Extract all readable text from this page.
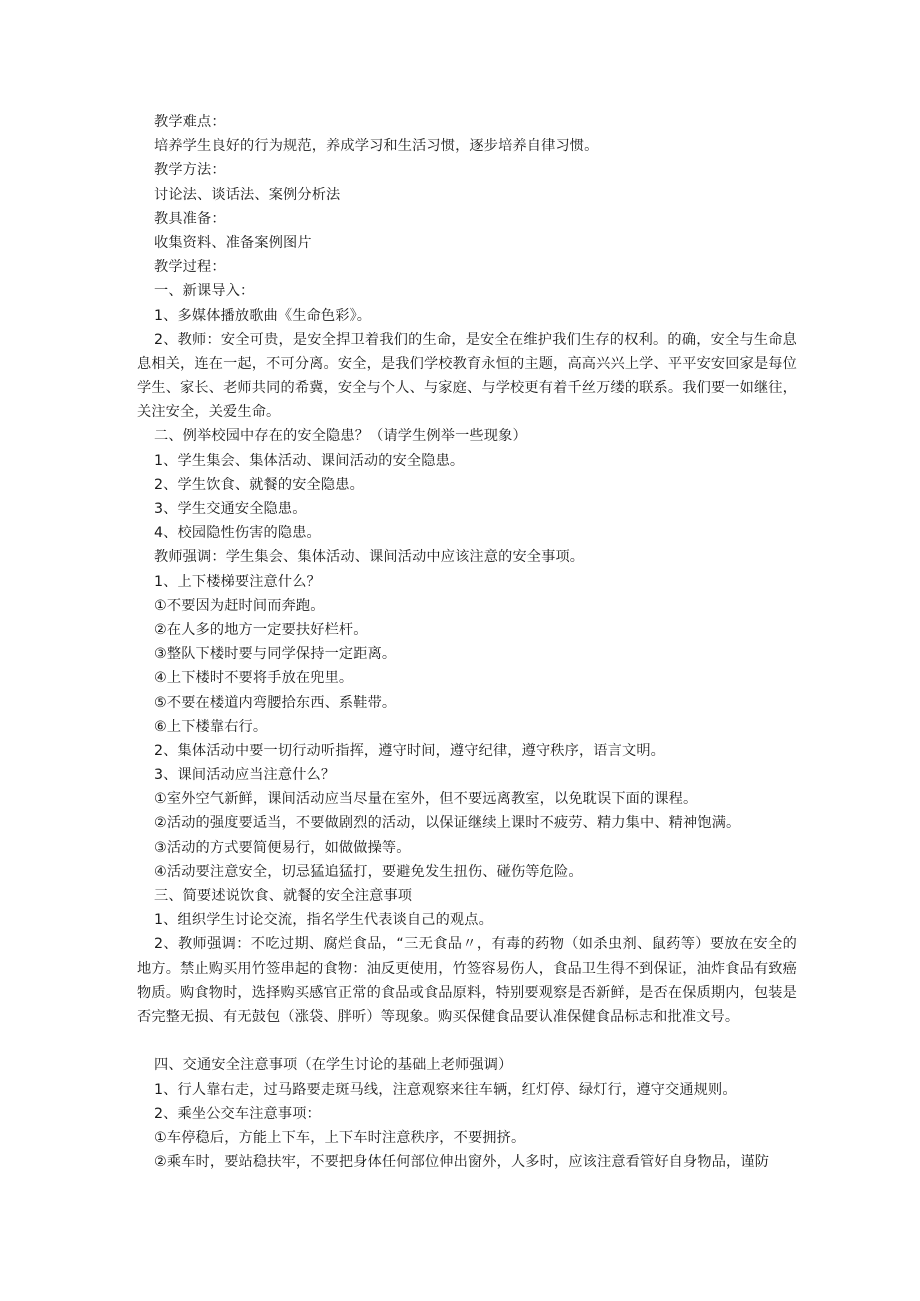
教学难点：
培养学生良好的行为规范，养成学习和生活习惯，逐步培养自律习惯。
教学方法：
讨论法、谈话法、案例分析法
教具准备：
收集资料、准备案例图片
教学过程：
一、新课导入：
1、多媒体播放歌曲《生命色彩》。
2、教师：安全可贵，是安全捍卫着我们的生命，是安全在维护我们生存的权利。的确，安全与生命息息相关，连在一起，不可分离。安全，是我们学校教育永恒的主题，高高兴兴上学、平平安安回家是每位学生、家长、老师共同的希冀，安全与个人、与家庭、与学校更有着千丝万缕的联系。我们要一如继往，关注安全，关爱生命。
二、例举校园中存在的安全隐患？（请学生例举一些现象）
1、学生集会、集体活动、课间活动的安全隐患。
2、学生饮食、就餐的安全隐患。
3、学生交通安全隐患。
4、校园隐性伤害的隐患。
教师强调：学生集会、集体活动、课间活动中应该注意的安全事项。
1、上下楼梯要注意什么？
①不要因为赶时间而奔跑。
②在人多的地方一定要扶好栏杆。
③整队下楼时要与同学保持一定距离。
④上下楼时不要将手放在兜里。
⑤不要在楼道内弯腰拾东西、系鞋带。
⑥上下楼靠右行。
2、集体活动中要一切行动听指挥，遵守时间，遵守纪律，遵守秩序，语言文明。
3、课间活动应当注意什么？
①室外空气新鲜，课间活动应当尽量在室外，但不要远离教室，以免耽误下面的课程。
②活动的强度要适当，不要做剧烈的活动，以保证继续上课时不疲劳、精力集中、精神饱满。
③活动的方式要简便易行，如做做操等。
④活动要注意安全，切忌猛追猛打，要避免发生扭伤、碰伤等危险。
三、简要述说饮食、就餐的安全注意事项
1、组织学生讨论交流，指名学生代表谈自己的观点。
2、教师强调：不吃过期、腐烂食品，“三无食品〃，有毒的药物（如杀虫剂、鼠药等）要放在安全的地方。禁止购买用竹签串起的食物：油反更使用，竹签容易伤人，食品卫生得不到保证，油炸食品有致癌物质。购食物时，选择购买感官正常的食品或食品原料，特别要观察是否新鲜，是否在保质期内，包装是否完整无损、有无鼓包（涨袋、胖听）等现象。购买保健食品要认准保健食品标志和批准文号。
四、交通安全注意事项（在学生讨论的基础上老师强调）
1、行人靠右走，过马路要走斑马线，注意观察来往车辆，红灯停、绿灯行，遵守交通规则。
2、乘坐公交车注意事项：
①车停稳后，方能上下车，上下车时注意秩序，不要拥挤。
②乘车时，要站稳扶牢，不要把身体任何部位伸出窗外，人多时，应该注意看管好自身物品，谨防
